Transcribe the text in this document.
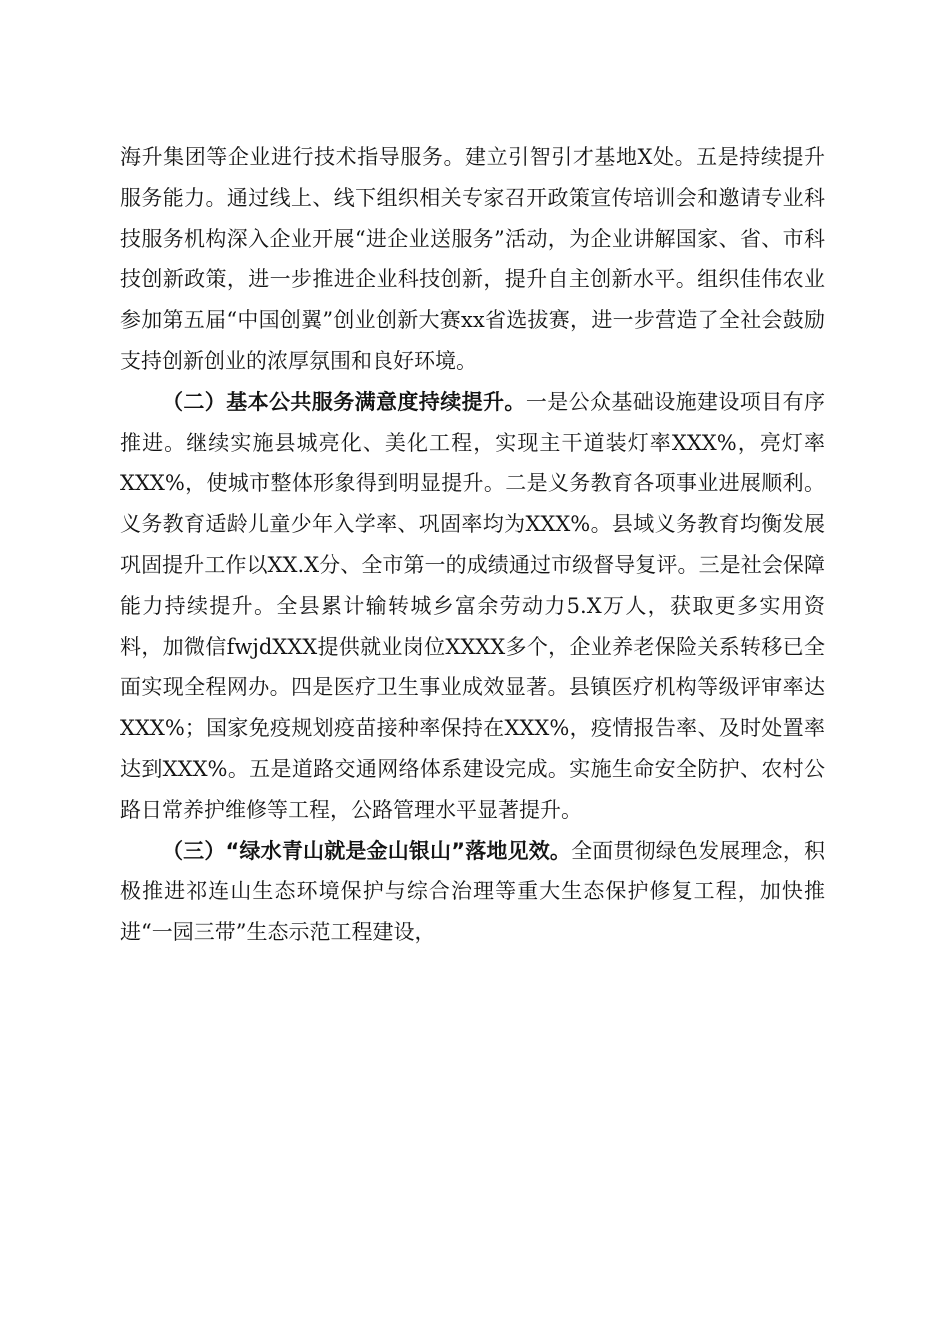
海升集团等企业进行技术指导服务。建立引智引才基地X处。五是持续提升服务能力。通过线上、线下组织相关专家召开政策宣传培训会和邀请专业科技服务机构深入企业开展“进企业送服务”活动，为企业讲解国家、省、市科技创新政策，进一步推进企业科技创新，提升自主创新水平。组织佳伟农业参加第五届“中国创翼”创业创新大赛xx省选拔赛，进一步营造了全社会鼓励支持创新创业的浓厚氛围和良好环境。

（二）基本公共服务满意度持续提升。一是公众基础设施建设项目有序推进。继续实施县城亮化、美化工程，实现主干道装灯率XXX%，亮灯率XXX%，使城市整体形象得到明显提升。二是义务教育各项事业进展顺利。义务教育适龄儿童少年入学率、巩固率均为XXX%。县域义务教育均衡发展巩固提升工作以XX.X分、全市第一的成绩通过市级督导复评。三是社会保障能力持续提升。全县累计输转城乡富余劳动力5.X万人，获取更多实用资料，加微信fwjdXXX提供就业岗位XXXX多个，企业养老保险关系转移已全面实现全程网办。四是医疗卫生事业成效显著。县镇医疗机构等级评审率达XXX%；国家免疫规划疫苗接种率保持在XXX%，疫情报告率、及时处置率达到XXX%。五是道路交通网络体系建设完成。实施生命安全防护、农村公路日常养护维修等工程，公路管理水平显著提升。

（三）“绿水青山就是金山银山”落地见效。全面贯彻绿色发展理念，积极推进祁连山生态环境保护与综合治理等重大生态保护修复工程，加快推进“一园三带”生态示范工程建设，
